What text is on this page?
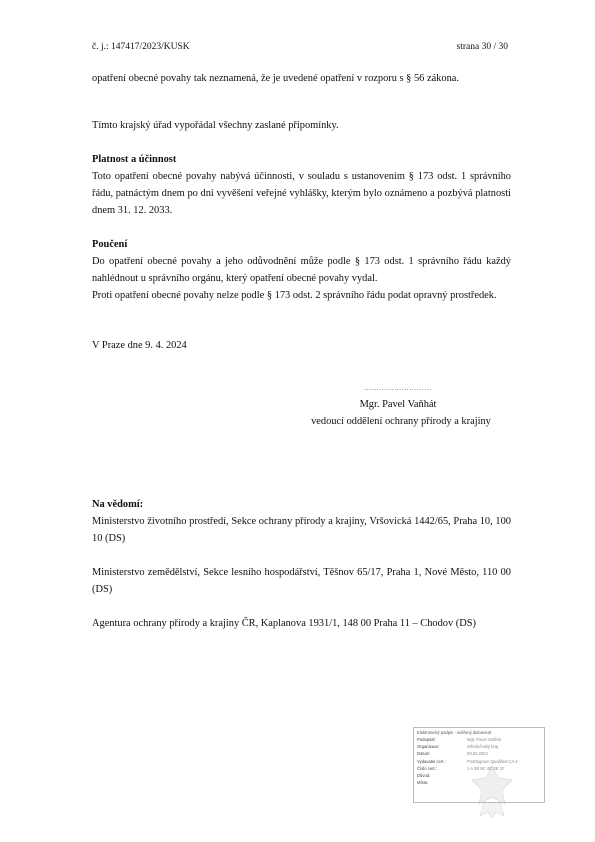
č. j.: 147417/2023/KUSK	strana 30 / 30

opatření obecné povahy tak neznamená, že je uvedené opatření v rozporu s § 56 zákona.

Tímto krajský úřad vypořádal všechny zaslané připomínky.

Platnost a účinnost

Toto opatření obecné povahy nabývá účinnosti, v souladu s ustanovením § 173 odst. 1 správního řádu, patnáctým dnem po dni vyvěšení veřejné vyhlášky, kterým bylo oznámeno a pozbývá platnosti dnem 31. 12. 2033.

Poučení

Do opatření obecné povahy a jeho odůvodnění může podle § 173 odst. 1 správního řádu každý nahlédnout u správního orgánu, který opatření obecné povahy vydal.

Proti opatření obecné povahy nelze podle § 173 odst. 2 správního řádu podat opravný prostředek.

V Praze dne 9. 4. 2024

………………………
Mgr. Pavel Vaňhát
vedoucí oddělení ochrany přírody a krajiny

Na vědomí:

Ministerstvo životního prostředí, Sekce ochrany přírody a krajiny, Vršovická 1442/65, Praha 10, 100 10 (DS)

Ministerstvo zemědělství, Sekce lesního hospodářství, Těšnov 65/17, Praha 1, Nové Město, 110 00 (DS)

Agentura ochrany přírody a krajiny ČR, Kaplanova 1931/1, 148 00 Praha 11 – Chodov (DS)

Elektronický podpis - ověřený dokument
Podepsal:	Mgr. Pavel Vaňhát
Organizace:	Středočeský kraj
Datum:	09.04.2024
Vydavatel cert.:	PostSignum Qualified CA 4
Číslo cert.:	1 A 0B 9C 4D 3E 1F
Důvod:
Místo:
